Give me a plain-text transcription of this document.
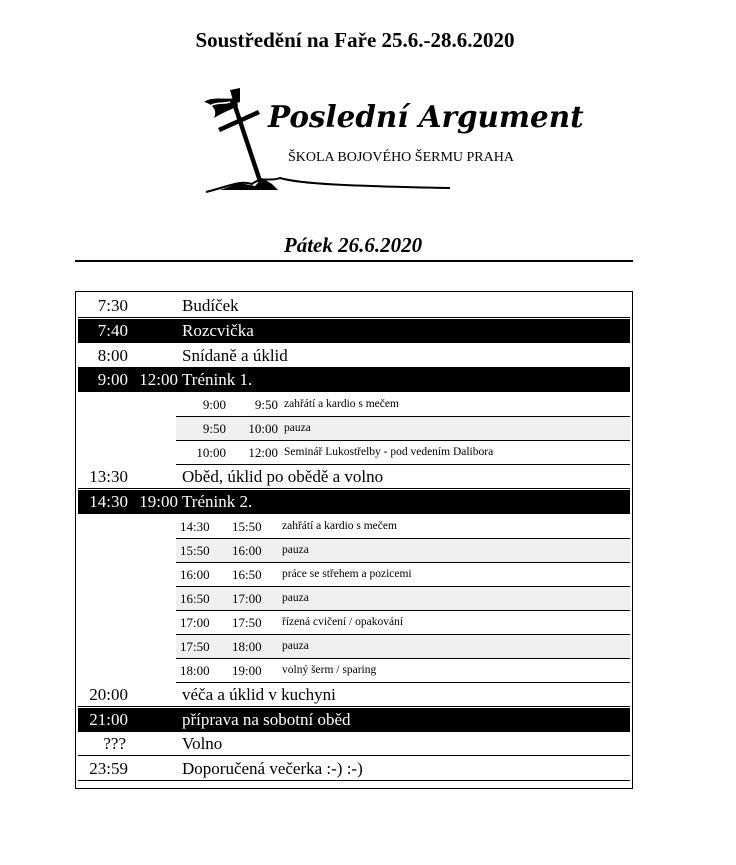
Soustředění na Faře 25.6.-28.6.2020
Poslední Argument
ŠKOLA BOJOVÉHO ŠERMU PRAHA
Pátek 26.6.2020
7:30	Budíček
7:40	Rozcvička
8:00	Snídaně a úklid
9:00 12:00 Trénink 1.
9:00	9:50 zahřátí a kardio s mečem
9:50	10:00 pauza
10:00	12:00 Seminář Lukostřelby - pod vedením Dalibora
13:30	Oběd, úklid po obědě a volno
14:30 19:00 Trénink 2.
14:30	15:50	zahřátí a kardio s mečem
15:50	16:00	pauza
16:00	16:50	práce se střehem a pozicemi
16:50	17:00	pauza
17:00	17:50	řízená cvičení / opakování
17:50	18:00	pauza
18:00	19:00	volný šerm / sparing
20:00	véča a úklid v kuchyni
21:00	příprava na sobotní oběd
???	Volno
23:59	Doporučená večerka :-) :-)
